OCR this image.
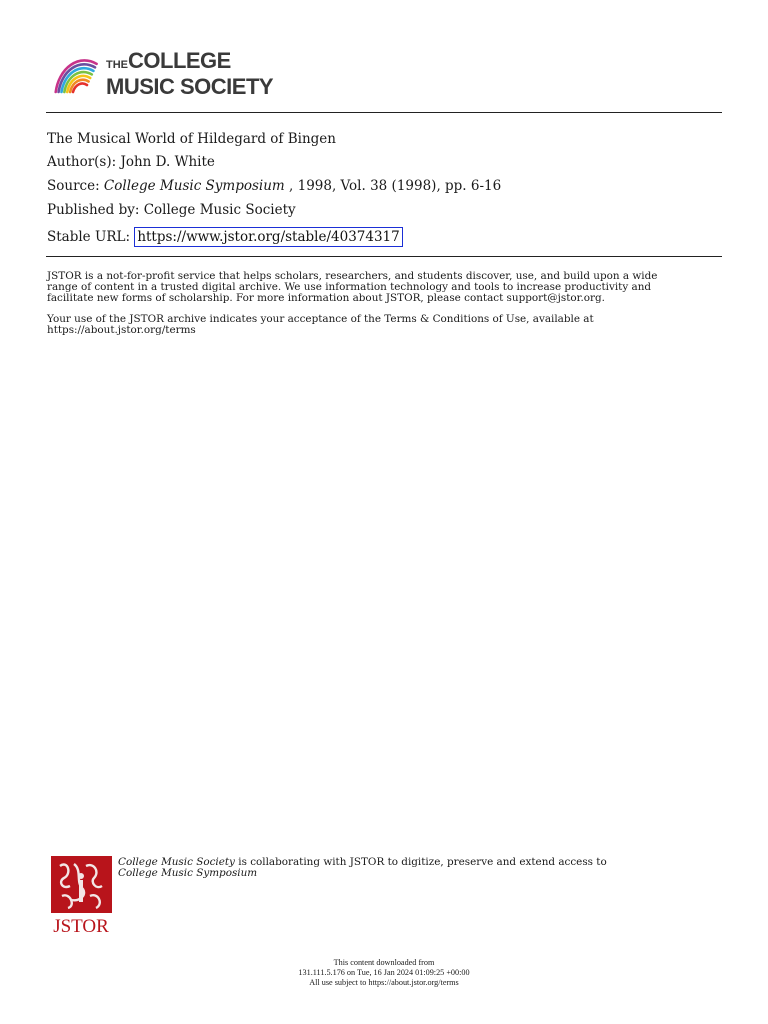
THECOLLEGE
MUSIC SOCIETY
The Musical World of Hildegard of Bingen
Author(s): John D. White
Source: College Music Symposium , 1998, Vol. 38 (1998), pp. 6-16
Published by: College Music Society
Stable URL: https://www.jstor.org/stable/40374317
JSTOR is a not-for-profit service that helps scholars, researchers, and students discover, use, and build upon a wide
range of content in a trusted digital archive. We use information technology and tools to increase productivity and
facilitate new forms of scholarship. For more information about JSTOR, please contact support@jstor.org.
Your use of the JSTOR archive indicates your acceptance of the Terms & Conditions of Use, available at
https://about.jstor.org/terms
JSTOR
College Music Society is collaborating with JSTOR to digitize, preserve and extend access to
College Music Symposium
This content downloaded from
131.111.5.176 on Tue, 16 Jan 2024 01:09:25 +00:00
All use subject to https://about.jstor.org/terms
